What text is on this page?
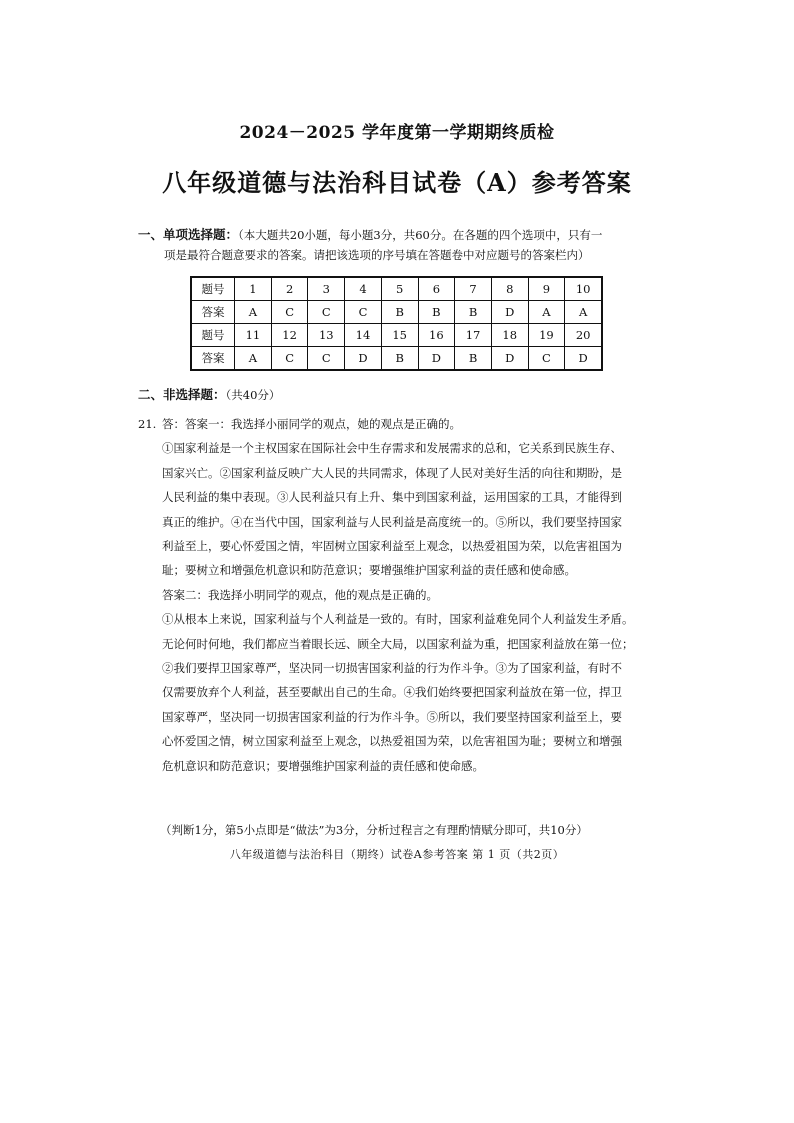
2024－2025 学年度第一学期期终质检
八年级道德与法治科目试卷（A）参考答案
一、单项选择题：（本大题共20小题，每小题3分，共60分。在各题的四个选项中，只有一
项是最符合题意要求的答案。请把该选项的序号填在答题卷中对应题号的答案栏内）
题号	1	2	3	4	5	6	7	8	9	10
答案	A	C	C	C	B	B	B	D	A	A
题号	11	12	13	14	15	16	17	18	19	20
答案	A	C	C	D	B	D	B	D	C	D
二、非选择题：（共40分）
21. 答：答案一：我选择小丽同学的观点，她的观点是正确的。
①国家利益是一个主权国家在国际社会中生存需求和发展需求的总和，它关系到民族生存、
国家兴亡。②国家利益反映广大人民的共同需求，体现了人民对美好生活的向往和期盼，是
人民利益的集中表现。③人民利益只有上升、集中到国家利益，运用国家的工具，才能得到
真正的维护。④在当代中国，国家利益与人民利益是高度统一的。⑤所以，我们要坚持国家
利益至上，要心怀爱国之情，牢固树立国家利益至上观念，以热爱祖国为荣，以危害祖国为
耻；要树立和增强危机意识和防范意识；要增强维护国家利益的责任感和使命感。
答案二：我选择小明同学的观点，他的观点是正确的。
①从根本上来说，国家利益与个人利益是一致的。有时，国家利益难免同个人利益发生矛盾。
无论何时何地，我们都应当着眼长远、顾全大局，以国家利益为重，把国家利益放在第一位；
②我们要捍卫国家尊严，坚决同一切损害国家利益的行为作斗争。③为了国家利益，有时不
仅需要放弃个人利益，甚至要献出自己的生命。④我们始终要把国家利益放在第一位，捍卫
国家尊严，坚决同一切损害国家利益的行为作斗争。⑤所以，我们要坚持国家利益至上，要
心怀爱国之情，树立国家利益至上观念，以热爱祖国为荣，以危害祖国为耻；要树立和增强
危机意识和防范意识；要增强维护国家利益的责任感和使命感。
（判断1分，第5小点即是“做法”为3分，分析过程言之有理酌情赋分即可，共10分）
八年级道德与法治科目（期终）试卷A参考答案 第 1 页（共2页）
